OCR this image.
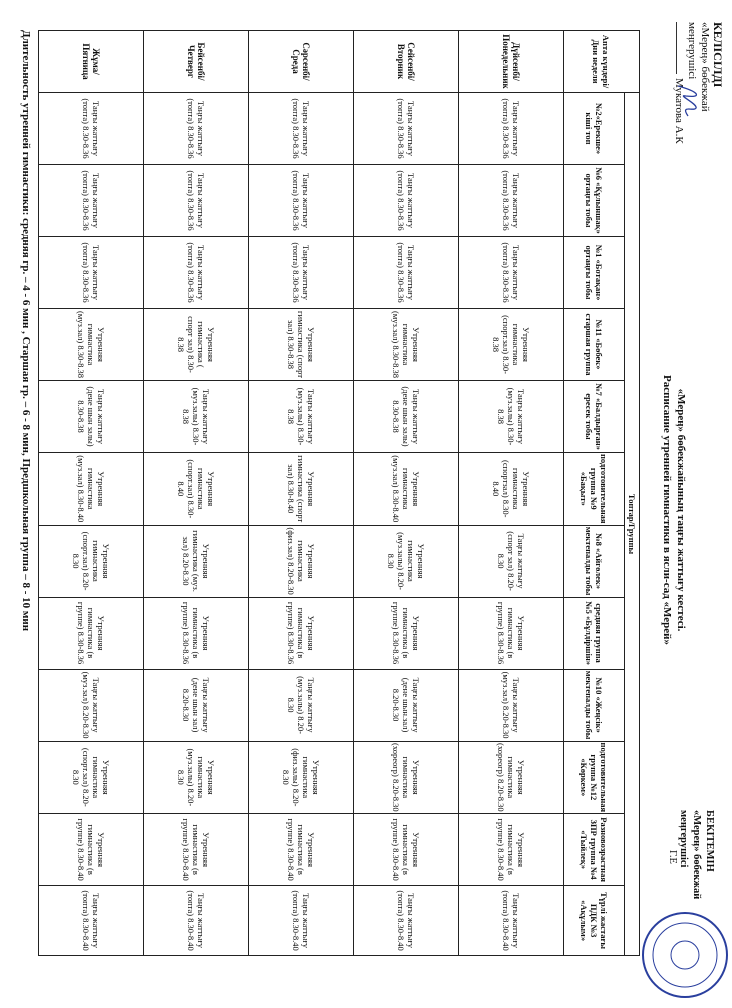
КЕЛІСІЛДІ
«Мереӊ» бөбекжай
меӊгерушісі
Мукатова А.К
«Мереӊ» бөбекжайының таңғы жаттығу кестесі.
Расписание утренней гимнастики в ясли-сад «Мерей»
БЕКІТЕМІН
«Мереӊ» бөбекжай
меӊгерушісі
Г.Е
Апта күндері/ Дни недели	Топтар/Группы											
	№2«Ерекше» кіші топ	№6 «Құлыншақ» ортаңғы тобы	№1 «Ботақан» ортаңғы тобы	№11 «Бөбек» старшая группа	№7 «Балдырған» ересек тобы	подготовительная группа №9 «Бақыт»	№8 «Айгөлек» мектепалды тобы	средняя группа №5 «Бұлдіршін»	№10 «Жеңсік» мектепалды тобы	подготовительная группа №12 «Көркем»	Разновозрастная ЗПР группа №4 «Тыйлеқ»	Түрлі жастағы ПДК №3 «Ақұлым»
Дүйсенбі/ Понедельник	Таңғы жаттығу (топта) 8.30-8.36	Таңғы жаттығу (топта) 8.30-8.36	Таңғы жаттығу (топта) 8.30-8.36	Утренняя гимнастика (спорт.зал) 8.30-8.38	Таңғы жаттығу (муз.залы) 8.30-8.38	Утренняя гимнастика (спортзал) 8.30-8.40	Таңғы жаттығу (спорт зал) 8.20-8.30	Утренняя гимнастика (в группе) 8.30-8.36	Таңғы жаттығу (муз.зал) 8.20-8.30	Утренняя гимнастика (хореогр) 8.20-8.30	Утренняя гимнастика (в группе) 8.30-8.40	Таңғы жаттығу (топта) 8.30-8.40
Сейсенбі/ Вторник	Таңғы жаттығу (топта) 8.30-8.36	Таңғы жаттығу (топта) 8.30-8.36	Таңғы жаттығу (топта) 8.30-8.36	Утренняя гимнастика (муз.зал) 8.30-8.38	Таңғы жаттығу (дене шын залы) 8.30-8.38	Утренняя гимнастика (муз.зал) 8.30-8.40	Утренняя гимнастика (муз.залы) 8.20-8.30	Утренняя гимнастика (в группе) 8.30-8.36	Таңғы жаттығу (дене шын.зал) 8.20-8.30	Утренняя гимнастика (хореогр) 8.20-8.30	Утренняя гимнастика (в группе) 8.30-8.40	Таңғы жаттығу (топта) 8.30-8.40
Сәрсенбі/ Среда	Таңғы жаттығу (топта) 8.30-8.36	Таңғы жаттығу (топта) 8.30-8.36	Таңғы жаттығу (топта) 8.30-8.36	Утренняя гимнастика (спорт зал) 8.30-8.38	Таңғы жаттығу (муз.залы) 8.30-8.38	Утренняя гимнастика (спорт зал) 8.30-8.40	Утренняя гимнастика (физ.зал) 8.20-8.30	Утренняя гимнастика (в группе) 8.30-8.36	Таңғы жаттығу (муз.залы) 8.20-8.30	Утренняя гимнастика (физ.залы) 8.20-8.30	Утренняя гимнастика (в группе) 8.30-8.40	Таңғы жаттығу (топта) 8.30-8.40
Бейсенбі/ Четверг	Таңғы жаттығу (топта) 8.30-8.36	Таңғы жаттығу (топта) 8.30-8.36	Таңғы жаттығу (топта) 8.30-8.36	Утренняя гимнастика ( спорт зал) 8.30-8.38	Таңғы жаттығу (муз.залы) 8.30-8.38	Утренняя гимнастика (спорт.зал) 8.30-8.40	Утренняя гимнастика (муз. зал) 8.20-8.30	Утренняя гимнастика (в группе) 8.30-8.36	Таңғы жаттығу (дене шын зал) 8.20-8.30	Утренняя гимнастика (муз.залы) 8.20-8.30	Утренняя гимнастика (в группе) 8.30-8.40	Таңғы жаттығу (топта) 8.30-8.40
Жұма/ Пятница	Таңғы жаттығу (топта) 8.30-8.36	Таңғы жаттығу (топта) 8.30-8.36	Таңғы жаттығу (топта) 8.30-8.36	Утренняя гимнастика (муз.зал) 8.30-8.38	Таңғы жаттығу (дене шын залы) 8.30-8.38	Утренняя гимнастика (муз.зал) 8.30-8.40	Утренняя гимнастика (спорт.зал) 8.20-8.30	Утренняя гимнастика (в группе) 8.30-8.36	Таңғы жаттығу (муз.зал) 8.20-8.30	Утренняя гимнастика (спорт.зал) 8.20-8.30	Утренняя гимнастика (в группе) 8.30-8.40	Таңғы жаттығу (топта) 8.30-8.40
Длительность утренней гимнастики: средняя гр. – 4 - 6 мин , Старшая гр. – 6 - 8 мин, Предшкольная группа – 8 - 10 мин
